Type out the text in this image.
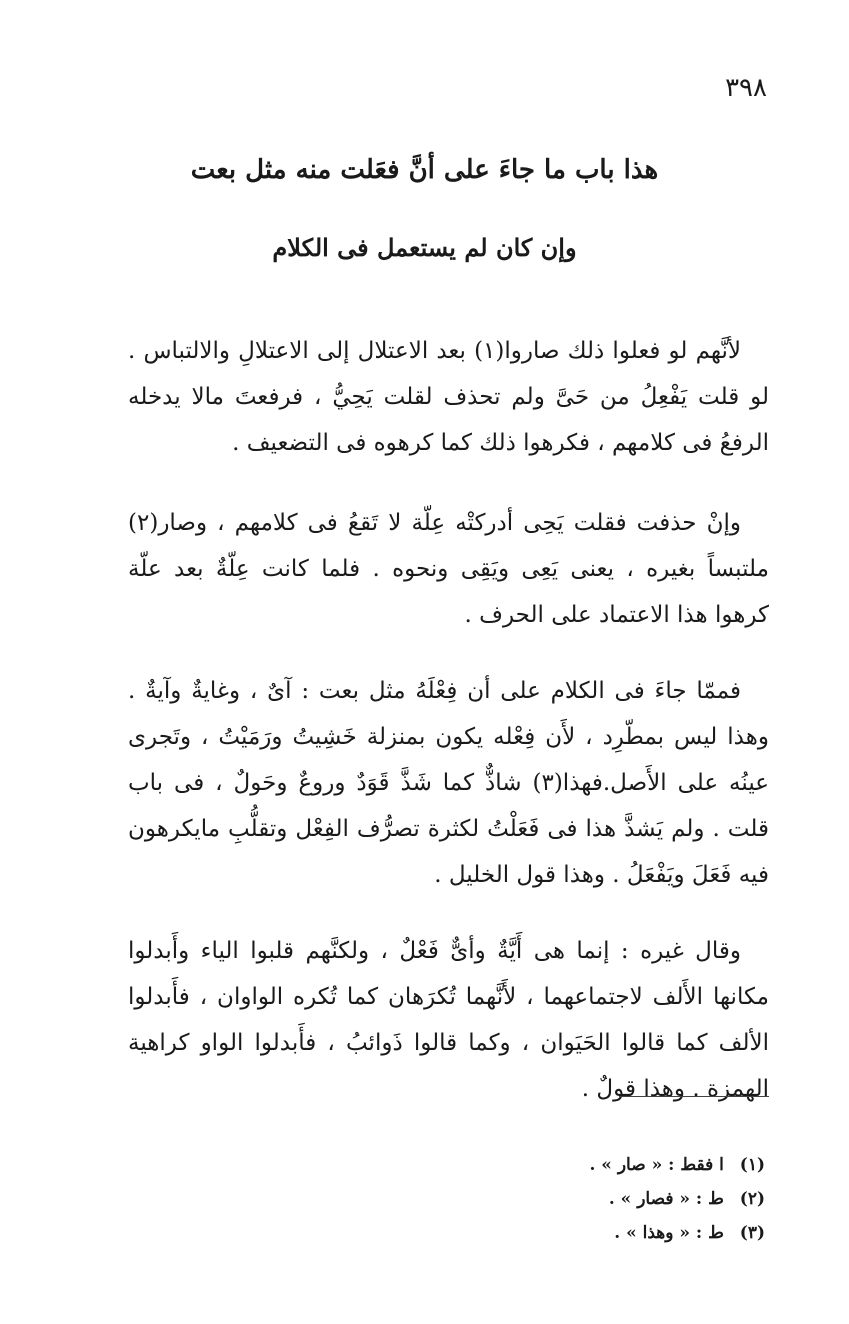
٣٩٨
هذا باب ما جاءَ على أنَّ فعَلت منه مثل بعت
وإن كان لم يستعمل فى الكلام

لأنَّهم لو فعلوا ذلك صاروا(١) بعد الاعتلال إلى الاعتلالِ والالتباس . لو قلت يَفْعِلُ من حَىَّ ولم تحذف لقلت يَحِيُّ ، فرفعتَ مالا يدخله الرفعُ فى كلامهم ، فكرهوا ذلك كما كرهوه فى التضعيف .

وإنْ حذفت فقلت يَحِى أدركتْه عِلّة لا تَقعُ فى كلامهم ، وصار(٢) ملتبساً بغيره ، يعنى يَعِى ويَقِى ونحوه . فلما كانت عِلّةٌ بعد علّة كرهوا هذا الاعتماد على الحرف .

فممّا جاءَ فى الكلام على أن فِعْلَهُ مثل بعت : آىٌ ، وغايةٌ وآيةٌ . وهذا ليس بمطّرِد ، لأَن فِعْله يكون بمنزلة خَشِيتُ ورَمَيْتُ ، وتَجرى عينُه على الأَصل.فهذا(٣) شاذٌّ كما شَذَّ قَوَدٌ وروعٌ وحَولٌ ، فى باب قلت . ولم يَشذَّ هذا فى فَعَلْتُ لكثرة تصرُّف الفِعْل وتقلُّبِ مايكرهون فيه فَعَلَ ويَفْعَلُ . وهذا قول الخليل .

وقال غيره : إنما هى أَيَّةٌ وأىٌّ فَعْلٌ ، ولكنَّهم قلبوا الياء وأَبدلوا مكانها الأَلف لاجتماعهما ، لأَنَّهما تُكرَهان كما تُكره الواوان ، فأَبدلوا الألف كما قالوا الحَيَوان ، وكما قالوا ذَوائبُ ، فأَبدلوا الواو كراهية الهمزة . وهذا قولٌ .

(١) ا فقط : « صار » .

(٢) ط : « فصار » .

(٣) ط : « وهذا » .
